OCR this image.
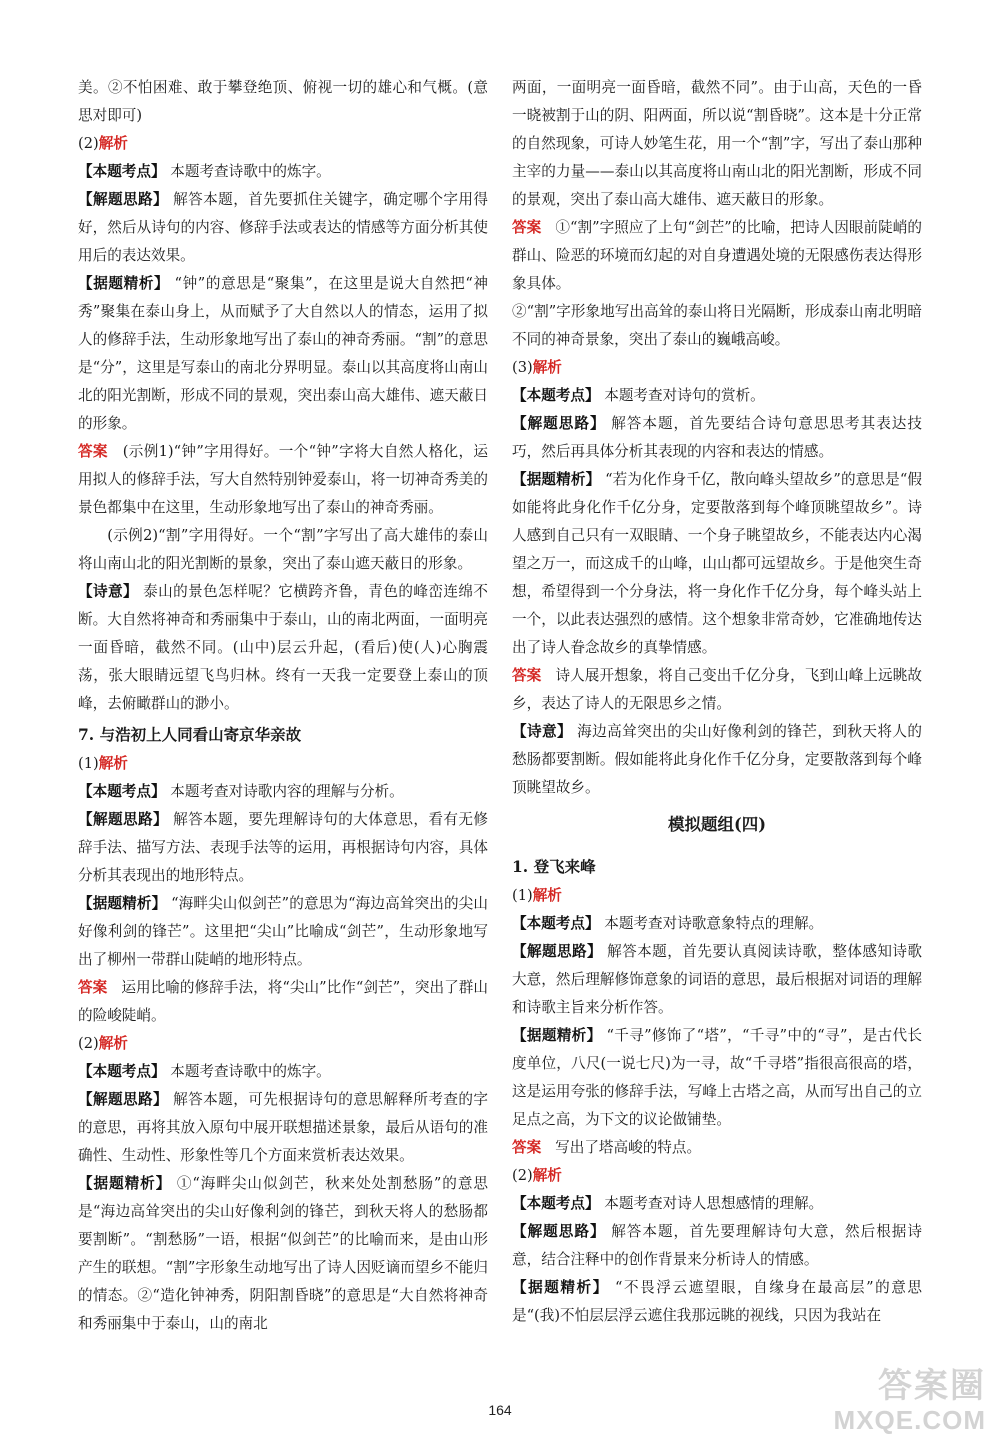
美。②不怕困难、敢于攀登绝顶、俯视一切的雄心和气概。(意思对即可)

(2)解析

【本题考点】 本题考查诗歌中的炼字。

【解题思路】 解答本题，首先要抓住关键字，确定哪个字用得好，然后从诗句的内容、修辞手法或表达的情感等方面分析其使用后的表达效果。

【据题精析】 “钟”的意思是“聚集”，在这里是说大自然把“神秀”聚集在泰山身上，从而赋予了大自然以人的情态，运用了拟人的修辞手法，生动形象地写出了泰山的神奇秀丽。“割”的意思是“分”，这里是写泰山的南北分界明显。泰山以其高度将山南山北的阳光割断，形成不同的景观，突出泰山高大雄伟、遮天蔽日的形象。

答案 (示例1)“钟”字用得好。一个“钟”字将大自然人格化，运用拟人的修辞手法，写大自然特别钟爱泰山，将一切神奇秀美的景色都集中在这里，生动形象地写出了泰山的神奇秀丽。

(示例2)“割”字用得好。一个“割”字写出了高大雄伟的泰山将山南山北的阳光割断的景象，突出了泰山遮天蔽日的形象。

【诗意】 泰山的景色怎样呢？它横跨齐鲁，青色的峰峦连绵不断。大自然将神奇和秀丽集中于泰山，山的南北两面，一面明亮一面昏暗，截然不同。(山中)层云升起，(看后)使(人)心胸震荡，张大眼睛远望飞鸟归林。终有一天我一定要登上泰山的顶峰，去俯瞰群山的渺小。

7. 与浩初上人同看山寄京华亲故

(1)解析

【本题考点】 本题考查对诗歌内容的理解与分析。

【解题思路】 解答本题，要先理解诗句的大体意思，看有无修辞手法、描写方法、表现手法等的运用，再根据诗句内容，具体分析其表现出的地形特点。

【据题精析】 “海畔尖山似剑芒”的意思为“海边高耸突出的尖山好像利剑的锋芒”。这里把“尖山”比喻成“剑芒”，生动形象地写出了柳州一带群山陡峭的地形特点。

答案 运用比喻的修辞手法，将“尖山”比作“剑芒”，突出了群山的险峻陡峭。

(2)解析

【本题考点】 本题考查诗歌中的炼字。

【解题思路】 解答本题，可先根据诗句的意思解释所考查的字的意思，再将其放入原句中展开联想描述景象，最后从语句的准确性、生动性、形象性等几个方面来赏析表达效果。

【据题精析】 ①“海畔尖山似剑芒，秋来处处割愁肠”的意思是“海边高耸突出的尖山好像利剑的锋芒，到秋天将人的愁肠都要割断”。“割愁肠”一语，根据“似剑芒”的比喻而来，是由山形产生的联想。“割”字形象生动地写出了诗人因贬谪而望乡不能归的情态。②“造化钟神秀，阴阳割昏晓”的意思是“大自然将神奇和秀丽集中于泰山，山的南北

两面，一面明亮一面昏暗，截然不同”。由于山高，天色的一昏一晓被割于山的阴、阳两面，所以说“割昏晓”。这本是十分正常的自然现象，可诗人妙笔生花，用一个“割”字，写出了泰山那种主宰的力量——泰山以其高度将山南山北的阳光割断，形成不同的景观，突出了泰山高大雄伟、遮天蔽日的形象。

答案 ①“割”字照应了上句“剑芒”的比喻，把诗人因眼前陡峭的群山、险恶的环境而幻起的对自身遭遇处境的无限感伤表达得形象具体。

②“割”字形象地写出高耸的泰山将日光隔断，形成泰山南北明暗不同的神奇景象，突出了泰山的巍峨高峻。

(3)解析

【本题考点】 本题考查对诗句的赏析。

【解题思路】 解答本题，首先要结合诗句意思思考其表达技巧，然后再具体分析其表现的内容和表达的情感。

【据题精析】 “若为化作身千亿，散向峰头望故乡”的意思是“假如能将此身化作千亿分身，定要散落到每个峰顶眺望故乡”。诗人感到自己只有一双眼睛、一个身子眺望故乡，不能表达内心渴望之万一，而这成千的山峰，山山都可远望故乡。于是他突生奇想，希望得到一个分身法，将一身化作千亿分身，每个峰头站上一个，以此表达强烈的感情。这个想象非常奇妙，它准确地传达出了诗人眷念故乡的真挚情感。

答案 诗人展开想象，将自己变出千亿分身，飞到山峰上远眺故乡，表达了诗人的无限思乡之情。

【诗意】 海边高耸突出的尖山好像利剑的锋芒，到秋天将人的愁肠都要割断。假如能将此身化作千亿分身，定要散落到每个峰顶眺望故乡。

模拟题组(四)

1. 登飞来峰

(1)解析

【本题考点】 本题考查对诗歌意象特点的理解。

【解题思路】 解答本题，首先要认真阅读诗歌，整体感知诗歌大意，然后理解修饰意象的词语的意思，最后根据对词语的理解和诗歌主旨来分析作答。

【据题精析】 “千寻”修饰了“塔”，“千寻”中的“寻”，是古代长度单位，八尺(一说七尺)为一寻，故“千寻塔”指很高很高的塔，这是运用夸张的修辞手法，写峰上古塔之高，从而写出自己的立足点之高，为下文的议论做铺垫。

答案 写出了塔高峻的特点。

(2)解析

【本题考点】 本题考查对诗人思想感情的理解。

【解题思路】 解答本题，首先要理解诗句大意，然后根据诗意，结合注释中的创作背景来分析诗人的情感。

【据题精析】 “不畏浮云遮望眼，自缘身在最高层”的意思是“(我)不怕层层浮云遮住我那远眺的视线，只因为我站在

164
答案圈
MXQE.COM
